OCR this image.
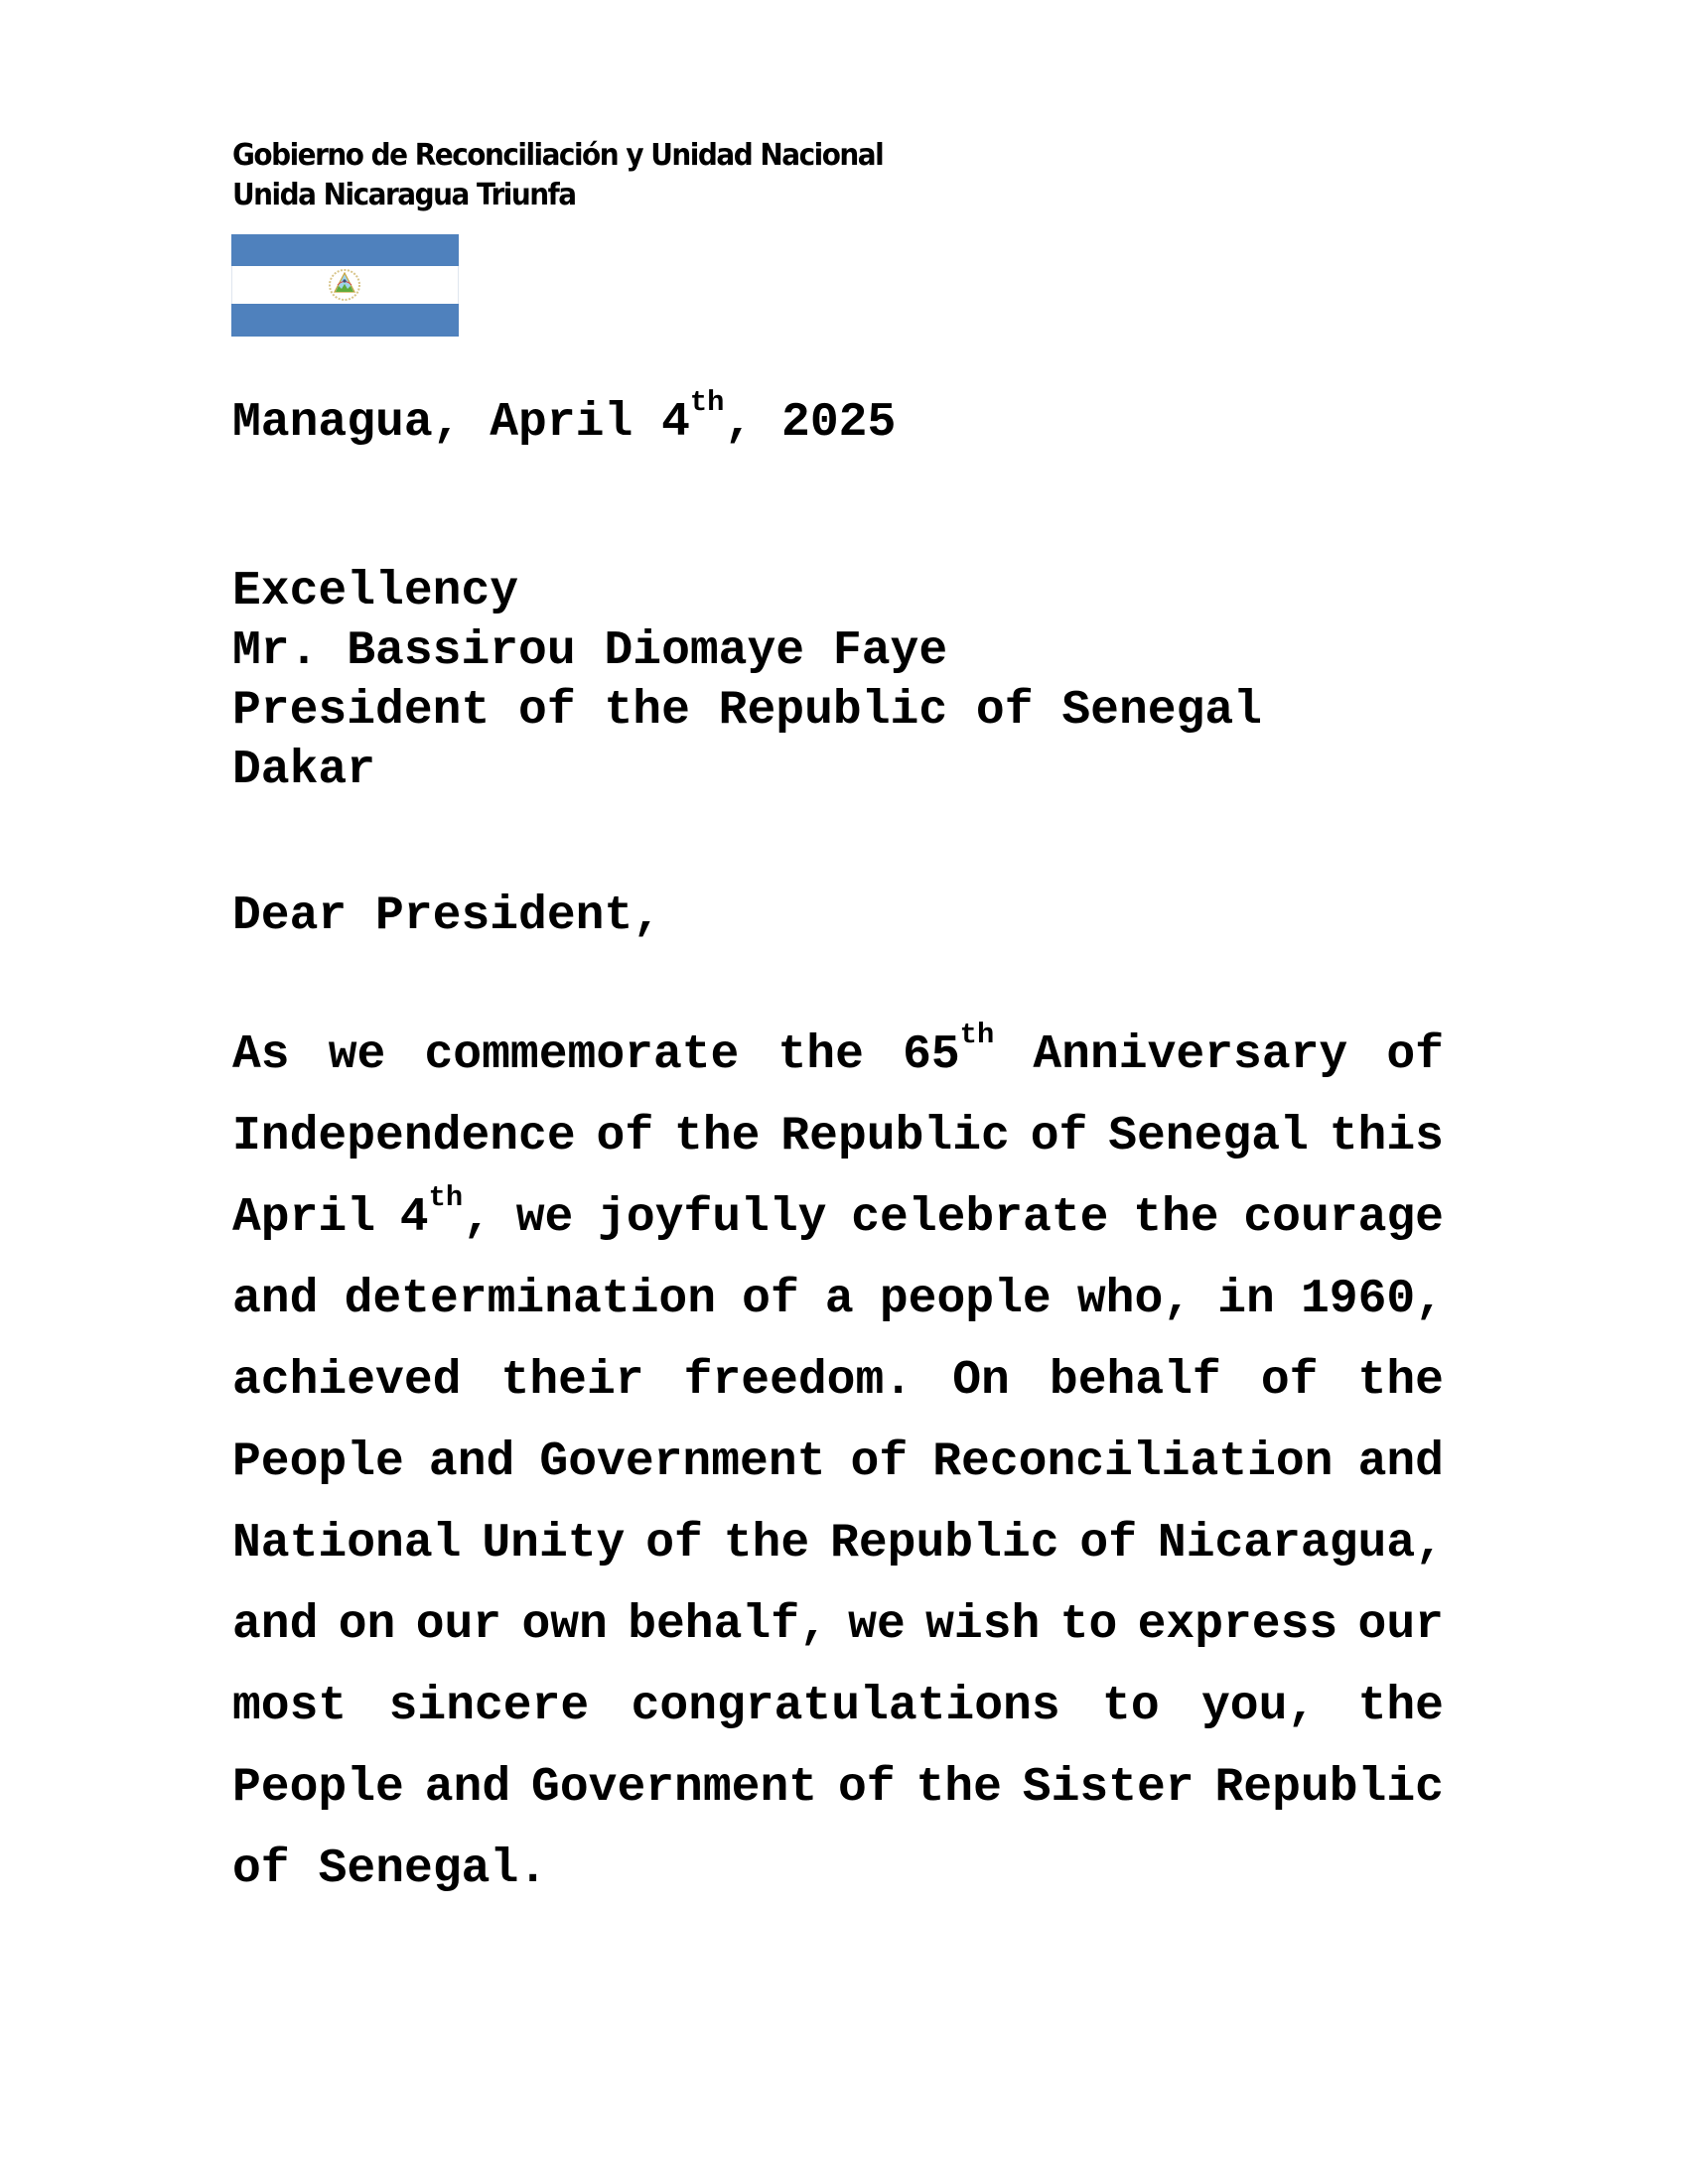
Gobierno de Reconciliación y Unidad Nacional
Unida Nicaragua Triunfa
Managua, April 4th, 2025
Excellency
Mr. Bassirou Diomaye Faye
President of the Republic of Senegal
Dakar
Dear President,
As we commemorate the 65th Anniversary of
Independence of the Republic of Senegal this
April 4th, we joyfully celebrate the courage
and determination of a people who, in 1960,
achieved their freedom. On behalf of the
People and Government of Reconciliation and
National Unity of the Republic of Nicaragua,
and on our own behalf, we wish to express our
most sincere congratulations to you, the
People and Government of the Sister Republic
of Senegal.
